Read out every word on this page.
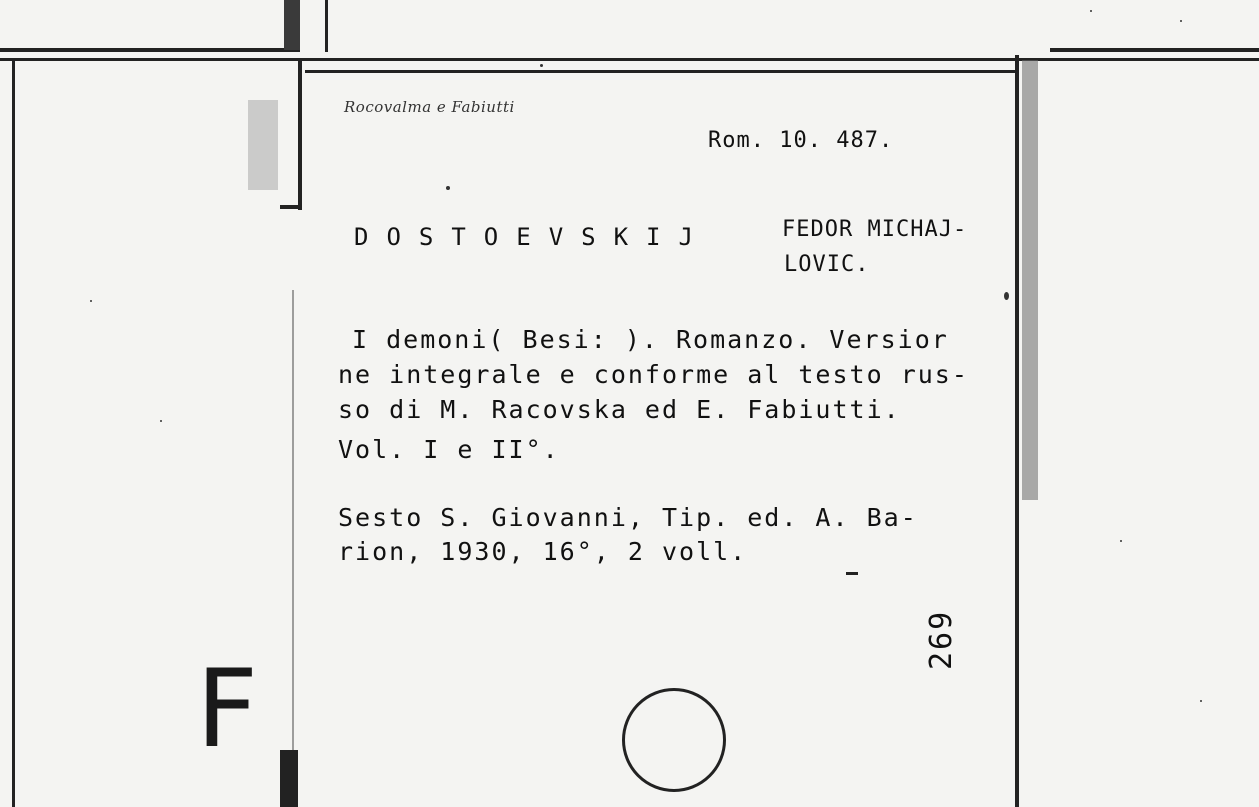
Rocovalma e Fabiutti
Rom. 10. 487.
DOSTOEVSKIJ	FEDOR MICHAJ-
LOVIC.
I demoni( Besi: ). Romanzo. Versior
ne integrale e conforme al testo rus-
so di M. Racovska ed E. Fabiutti.
Vol. I e II°.
Sesto S. Giovanni, Tip. ed. A. Ba-
rion, 1930, 16°, 2 voll.
F
269
